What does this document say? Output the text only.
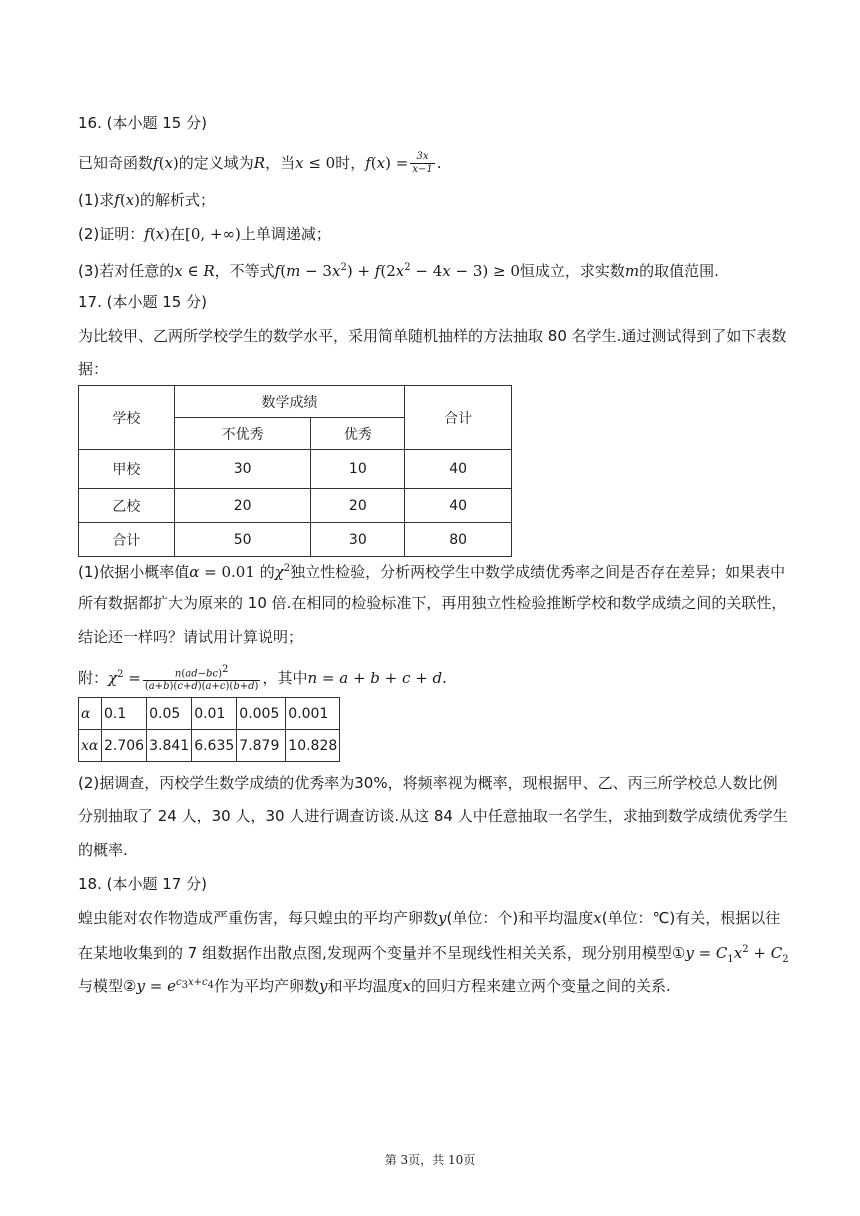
16. (本小题 15 分)
已知奇函数f(x)的定义域为R，当x ≤ 0时，$f(x) = \frac{3x}{x-1}$ .
(1)求f(x)的解析式；
(2)证明：f(x)在[0, +∞)上单调递减；
(3)若对任意的x ∈ R，不等式$f(m - 3x^2) + f(2x^2 - 4x - 3) \ge 0$恒成立，求实数m的取值范围.
17. (本小题 15 分)
为比较甲、乙两所学校学生的数学水平，采用简单随机抽样的方法抽取 80 名学生.通过测试得到了如下表数
据：
学校	数学成绩		合计
	不优秀	优秀	
甲校	30	10	40
乙校	20	20	40
合计	50	30	80
(1)依据小概率值α = 0.01 的$\chi^2$独立性检验，分析两校学生中数学成绩优秀率之间是否存在差异；如果表中
所有数据都扩大为原来的 10 倍.在相同的检验标准下，再用独立性检验推断学校和数学成绩之间的关联性，
结论还一样吗？请试用计算说明；
附：$\chi^2 = \frac{n(ad-bc)^2}{(a+b)(c+d)(a+c)(b+d)}$ ，其中n = a + b + c + d.
α	0.1	0.05	0.01	0.005	0.001
xα	2.706	3.841	6.635	7.879	10.828
(2)据调查，丙校学生数学成绩的优秀率为30%，将频率视为概率，现根据甲、乙、丙三所学校总人数比例
分别抽取了 24 人，30 人，30 人进行调查访谈.从这 84 人中任意抽取一名学生，求抽到数学成绩优秀学生
的概率.
18. (本小题 17 分)
蝗虫能对农作物造成严重伤害，每只蝗虫的平均产卵数y(单位：个)和平均温度x(单位：℃)有关，根据以往
在某地收集到的 7 组数据作出散点图,发现两个变量并不呈现线性相关关系，现分别用模型①y = $C_1x^2 + C_2$
与模型②y = $e^{c_3x+c_4}$作为平均产卵数y和平均温度x的回归方程来建立两个变量之间的关系.
第 3页，共 10页
